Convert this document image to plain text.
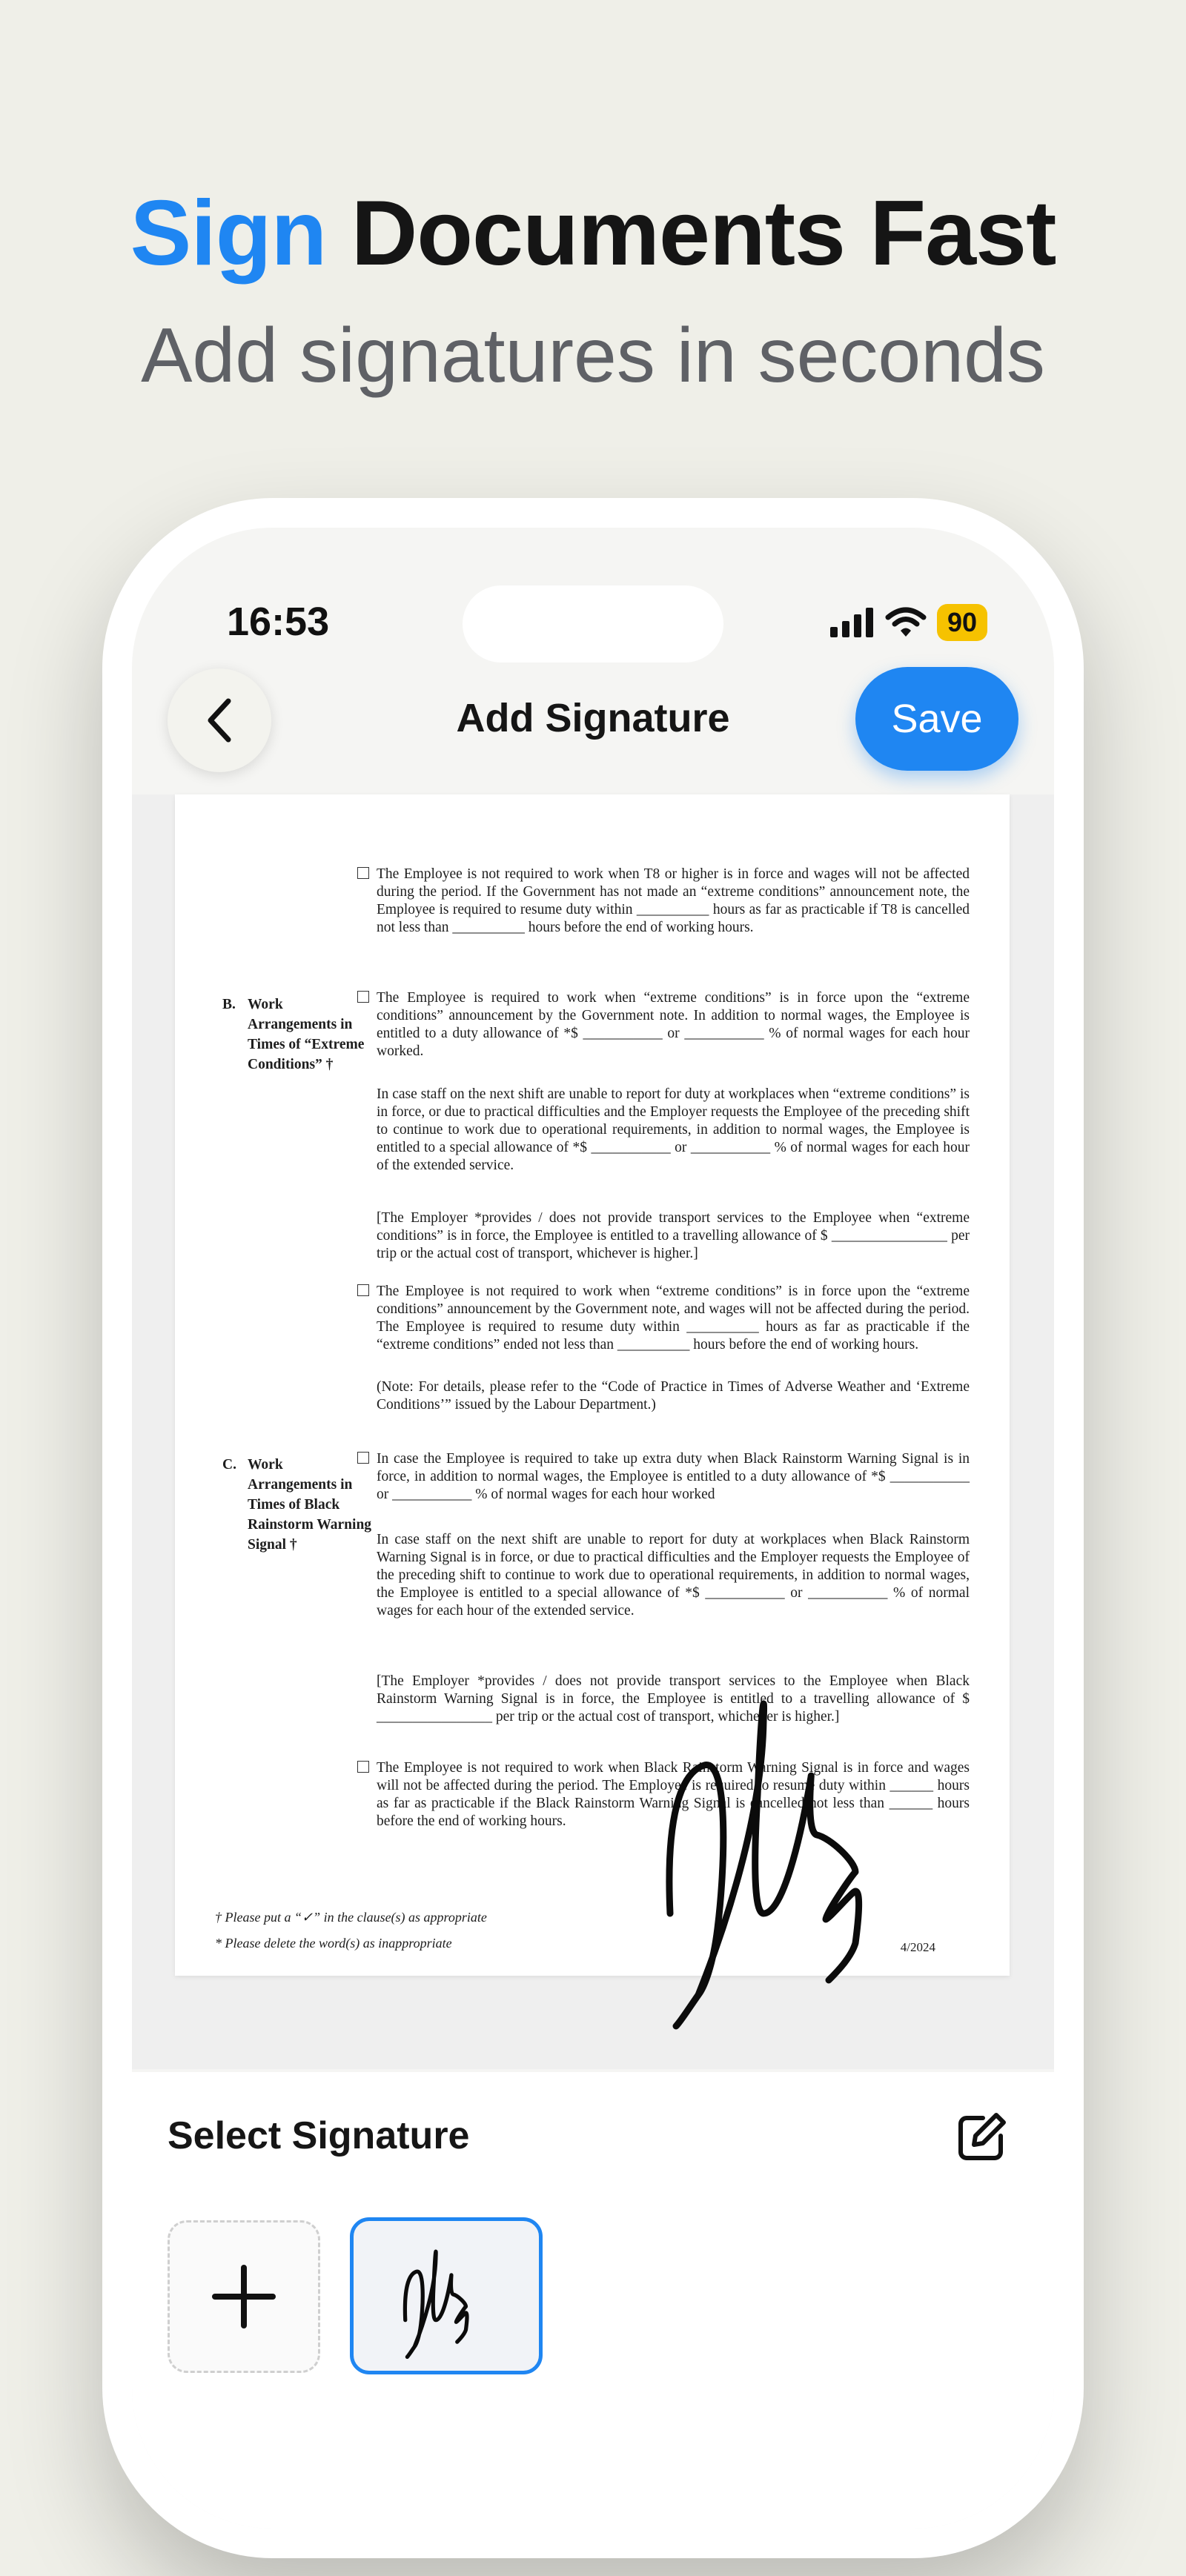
Sign Documents Fast

Add signatures in seconds

16:53	90
Add Signature	Save

The Employee is not required to work when T8 or higher is in force and wages will not be affected during the period. If the Government has not made an “extreme conditions” announcement note, the Employee is required to resume duty within __________ hours as far as practicable if T8 is cancelled not less than __________ hours before the end of working hours.

B. Work Arrangements in Times of “Extreme Conditions” †

The Employee is required to work when “extreme conditions” is in force upon the “extreme conditions” announcement by the Government note. In addition to normal wages, the Employee is entitled to a duty allowance of *$ ___________ or ___________ % of normal wages for each hour worked.

In case staff on the next shift are unable to report for duty at workplaces when “extreme conditions” is in force, or due to practical difficulties and the Employer requests the Employee of the preceding shift to continue to work due to operational requirements, in addition to normal wages, the Employee is entitled to a special allowance of *$ ___________ or ___________ % of normal wages for each hour of the extended service.

[The Employer *provides / does not provide transport services to the Employee when “extreme conditions” is in force, the Employee is entitled to a travelling allowance of $ ________________ per trip or the actual cost of transport, whichever is higher.]

The Employee is not required to work when “extreme conditions” is in force upon the “extreme conditions” announcement by the Government note, and wages will not be affected during the period. The Employee is required to resume duty within __________ hours as far as practicable if the “extreme conditions” ended not less than __________ hours before the end of working hours.

(Note: For details, please refer to the “Code of Practice in Times of Adverse Weather and ‘Extreme Conditions’” issued by the Labour Department.)

C. Work Arrangements in Times of Black Rainstorm Warning Signal †

In case the Employee is required to take up extra duty when Black Rainstorm Warning Signal is in force, in addition to normal wages, the Employee is entitled to a duty allowance of *$ ___________ or ___________ % of normal wages for each hour worked

In case staff on the next shift are unable to report for duty at workplaces when Black Rainstorm Warning Signal is in force, or due to practical difficulties and the Employer requests the Employee of the preceding shift to continue to work due to operational requirements, in addition to normal wages, the Employee is entitled to a special allowance of *$ ___________ or ___________ % of normal wages for each hour of the extended service.

[The Employer *provides / does not provide transport services to the Employee when Black Rainstorm Warning Signal is in force, the Employee is entitled to a travelling allowance of $ ________________ per trip or the actual cost of transport, whichever is higher.]

The Employee is not required to work when Black Rainstorm Warning Signal is in force and wages will not be affected during the period. The Employee is required to resume duty within ______ hours as far as practicable if the Black Rainstorm Warning Signal is cancelled not less than ______ hours before the end of working hours.

† Please put a “✓” in the clause(s) as appropriate
* Please delete the word(s) as inappropriate	4/2024
Select Signature
